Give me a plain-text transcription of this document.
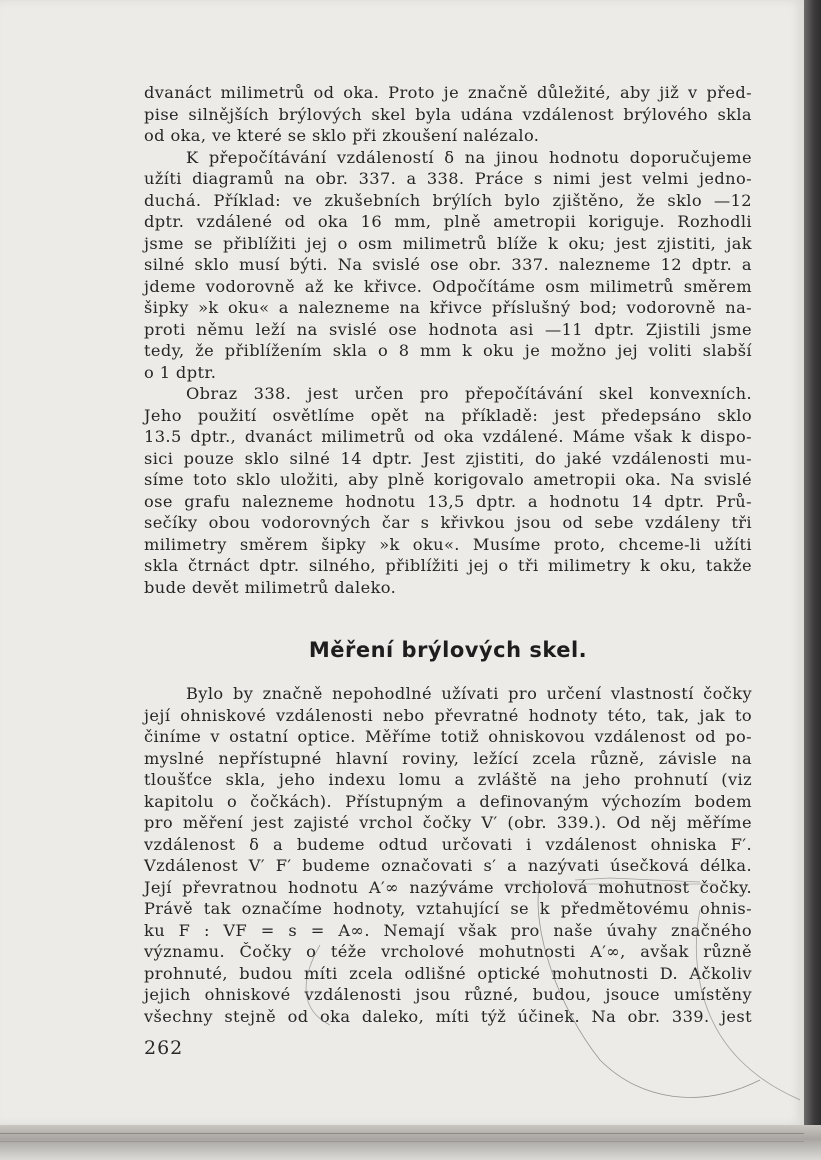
dvanáct milimetrů od oka. Proto je značně důležité, aby již v před-
pise silnějších brýlových skel byla udána vzdálenost brýlového skla
od oka, ve které se sklo při zkoušení nalézalo.
K přepočítávání vzdáleností δ na jinou hodnotu doporučujeme
užíti diagramů na obr. 337. a 338. Práce s nimi jest velmi jedno-
duchá. Příklad: ve zkušebních brýlích bylo zjištěno, že sklo —12
dptr. vzdálené od oka 16 mm, plně ametropii koriguje. Rozhodli
jsme se přiblížiti jej o osm milimetrů blíže k oku; jest zjistiti, jak
silné sklo musí býti. Na svislé ose obr. 337. nalezneme 12 dptr. a
jdeme vodorovně až ke křivce. Odpočítáme osm milimetrů směrem
šipky »k oku« a nalezneme na křivce příslušný bod; vodorovně na-
proti němu leží na svislé ose hodnota asi —11 dptr. Zjistili jsme
tedy, že přiblížením skla o 8 mm k oku je možno jej voliti slabší
o 1 dptr.
Obraz 338. jest určen pro přepočítávání skel konvexních.
Jeho použití osvětlíme opět na příkladě: jest předepsáno sklo
13.5 dptr., dvanáct milimetrů od oka vzdálené. Máme však k dispo-
sici pouze sklo silné 14 dptr. Jest zjistiti, do jaké vzdálenosti mu-
síme toto sklo uložiti, aby plně korigovalo ametropii oka. Na svislé
ose grafu nalezneme hodnotu 13,5 dptr. a hodnotu 14 dptr. Prů-
sečíky obou vodorovných čar s křivkou jsou od sebe vzdáleny tři
milimetry směrem šipky »k oku«. Musíme proto, chceme-li užíti
skla čtrnáct dptr. silného, přiblížiti jej o tři milimetry k oku, takže
bude devět milimetrů daleko.
Měření brýlových skel.
Bylo by značně nepohodlné užívati pro určení vlastností čočky
její ohniskové vzdálenosti nebo převratné hodnoty této, tak, jak to
činíme v ostatní optice. Měříme totiž ohniskovou vzdálenost od po-
myslné nepřístupné hlavní roviny, ležící zcela různě, závisle na
tloušťce skla, jeho indexu lomu a zvláště na jeho prohnutí (viz
kapitolu o čočkách). Přístupným a definovaným výchozím bodem
pro měření jest zajisté vrchol čočky V′ (obr. 339.). Od něj měříme
vzdálenost δ a budeme odtud určovati i vzdálenost ohniska F′.
Vzdálenost V′ F′ budeme označovati s′ a nazývati úsečková délka.
Její převratnou hodnotu A′∞ nazýváme vrcholová mohutnost čočky.
Právě tak označíme hodnoty, vztahující se k předmětovému ohnis-
ku F : VF = s = A∞. Nemají však pro naše úvahy značného
významu. Čočky o téže vrcholové mohutnosti A′∞, avšak různě
prohnuté, budou míti zcela odlišné optické mohutnosti D. Ačkoliv
jejich ohniskové vzdálenosti jsou různé, budou, jsouce umístěny
všechny stejně od oka daleko, míti týž účinek. Na obr. 339. jest
262
